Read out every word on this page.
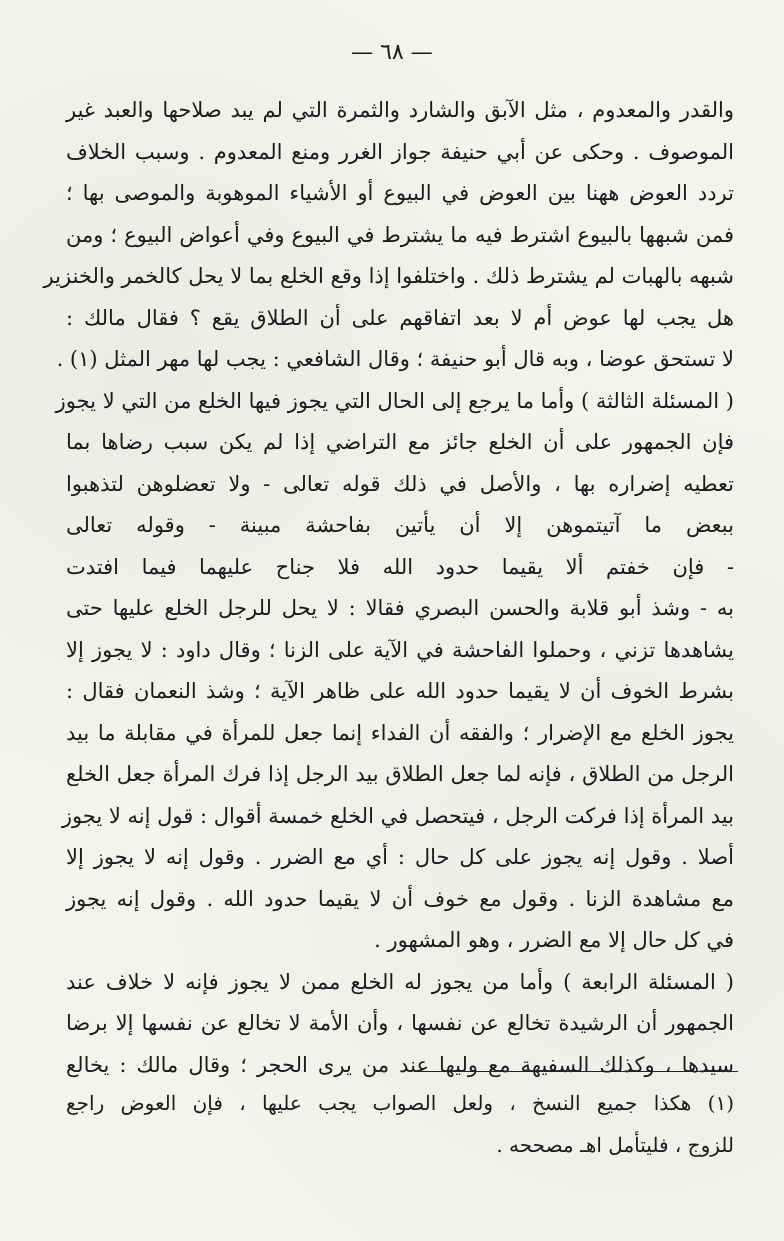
— ٦٨ —
والقدر والمعدوم ، مثل الآبق والشارد والثمرة التي لم يبد صلاحها والعبد غير
الموصوف . وحكى عن أبي حنيفة جواز الغرر ومنع المعدوم . وسبب الخلاف
تردد العوض ههنا بين العوض في البيوع أو الأشياء الموهوبة والموصى بها ؛
فمن شبهها بالبيوع اشترط فيه ما يشترط في البيوع وفي أعواض البيوع ؛ ومن
شبهه بالهبات لم يشترط ذلك . واختلفوا إذا وقع الخلع بما لا يحل كالخمر والخنزير
هل يجب لها عوض أم لا بعد اتفاقهم على أن الطلاق يقع ؟ فقال مالك :
لا تستحق عوضا ، وبه قال أبو حنيفة ؛ وقال الشافعي : يجب لها مهر المثل (١) .
( المسئلة الثالثة ) وأما ما يرجع إلى الحال التي يجوز فيها الخلع من التي لا يجوز
فإن الجمهور على أن الخلع جائز مع التراضي إذا لم يكن سبب رضاها بما
تعطيه إضراره بها ، والأصل في ذلك قوله تعالى - ولا تعضلوهن لتذهبوا
ببعض ما آتيتموهن إلا أن يأتين بفاحشة مبينة - وقوله تعالى
- فإن خفتم ألا يقيما حدود الله فلا جناح عليهما فيما افتدت
به - وشذ أبو قلابة والحسن البصري فقالا : لا يحل للرجل الخلع عليها حتى
يشاهدها تزني ، وحملوا الفاحشة في الآية على الزنا ؛ وقال داود : لا يجوز إلا
بشرط الخوف أن لا يقيما حدود الله على ظاهر الآية ؛ وشذ النعمان فقال :
يجوز الخلع مع الإضرار ؛ والفقه أن الفداء إنما جعل للمرأة في مقابلة ما بيد
الرجل من الطلاق ، فإنه لما جعل الطلاق بيد الرجل إذا فرك المرأة جعل الخلع
بيد المرأة إذا فركت الرجل ، فيتحصل في الخلع خمسة أقوال : قول إنه لا يجوز
أصلا . وقول إنه يجوز على كل حال : أي مع الضرر . وقول إنه لا يجوز إلا
مع مشاهدة الزنا . وقول مع خوف أن لا يقيما حدود الله . وقول إنه يجوز
في كل حال إلا مع الضرر ، وهو المشهور .
( المسئلة الرابعة ) وأما من يجوز له الخلع ممن لا يجوز فإنه لا خلاف عند
الجمهور أن الرشيدة تخالع عن نفسها ، وأن الأمة لا تخالع عن نفسها إلا برضا
سيدها ، وكذلك السفيهة مع وليها عند من يرى الحجر ؛ وقال مالك : يخالع
(١) هكذا جميع النسخ ، ولعل الصواب يجب عليها ، فإن العوض راجع
للزوج ، فليتأمل اهـ مصححه .
